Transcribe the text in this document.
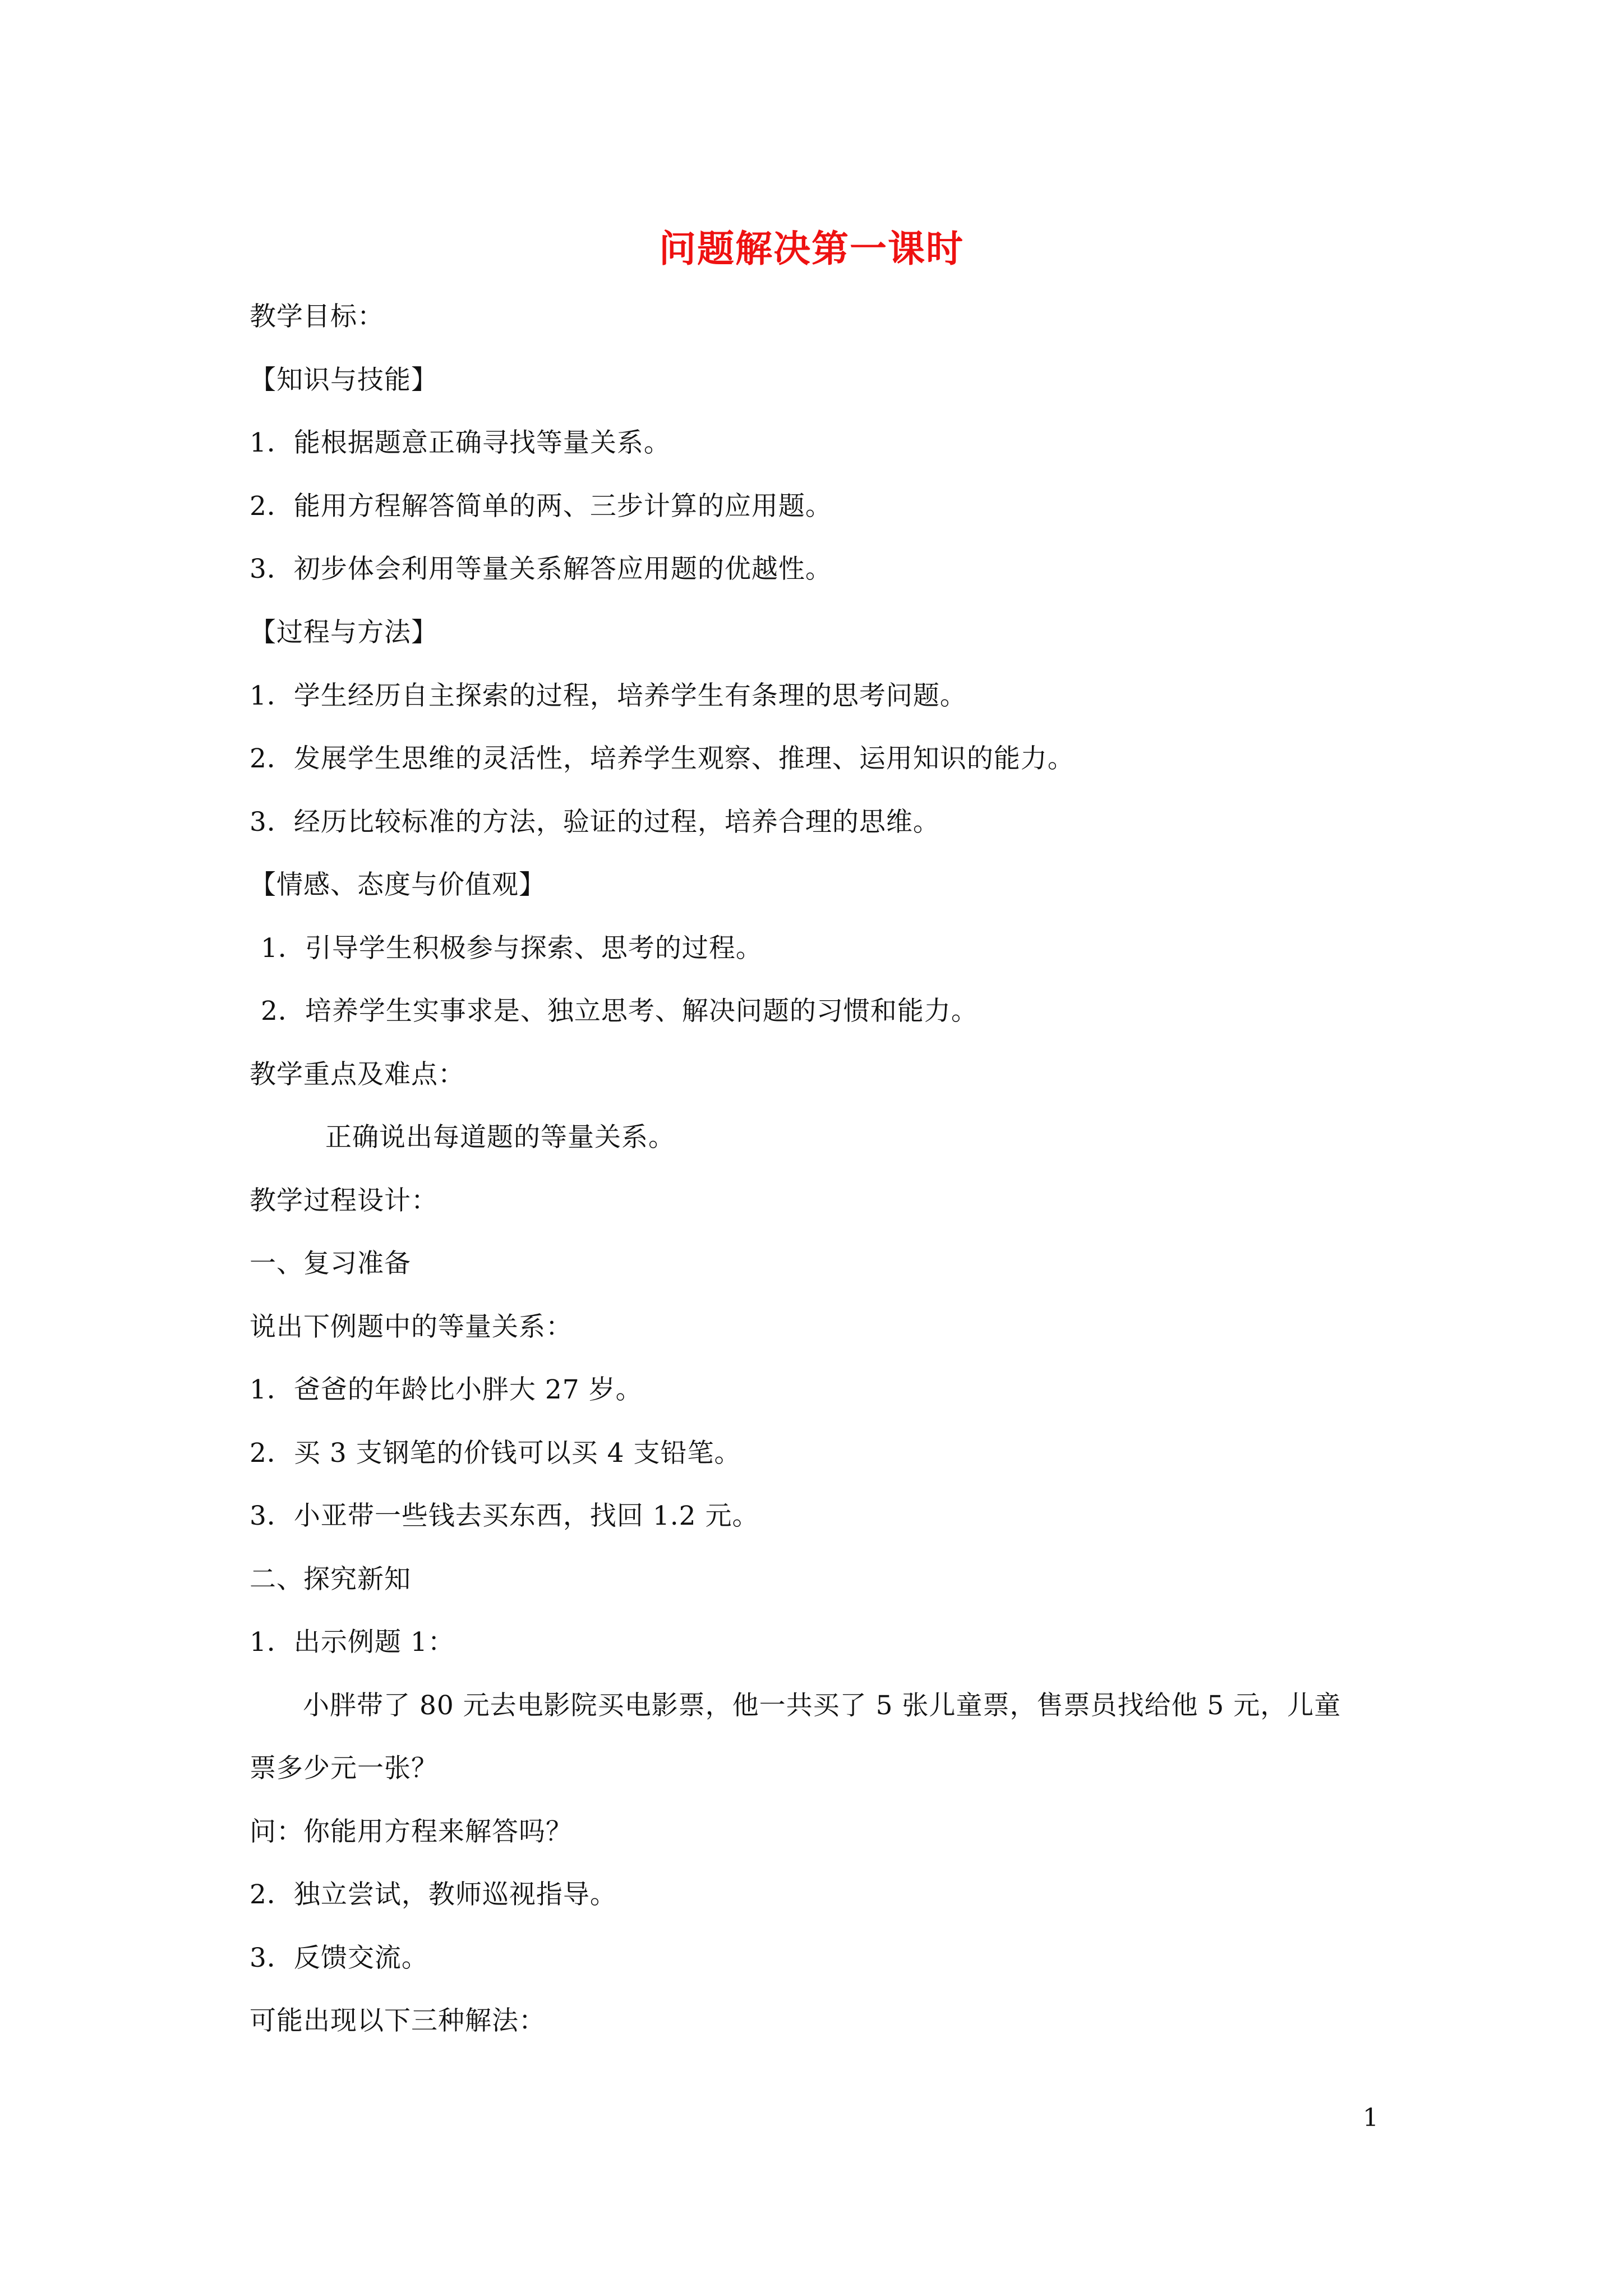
问题解决第一课时
教学目标：
【知识与技能】
1．能根据题意正确寻找等量关系。
2．能用方程解答简单的两、三步计算的应用题。
3．初步体会利用等量关系解答应用题的优越性。
【过程与方法】
1．学生经历自主探索的过程，培养学生有条理的思考问题。
2．发展学生思维的灵活性，培养学生观察、推理、运用知识的能力。
3．经历比较标准的方法，验证的过程，培养合理的思维。
【情感、态度与价值观】
1．引导学生积极参与探索、思考的过程。
2．培养学生实事求是、独立思考、解决问题的习惯和能力。
教学重点及难点：
正确说出每道题的等量关系。
教学过程设计：
一、复习准备
说出下例题中的等量关系：
1．爸爸的年龄比小胖大 27 岁。
2．买 3 支钢笔的价钱可以买 4 支铅笔。
3．小亚带一些钱去买东西，找回 1.2 元。
二、探究新知
1．出示例题 1：
小胖带了 80 元去电影院买电影票，他一共买了 5 张儿童票，售票员找给他 5 元，儿童
票多少元一张？
问：你能用方程来解答吗？
2．独立尝试，教师巡视指导。
3．反馈交流。
可能出现以下三种解法：
1
